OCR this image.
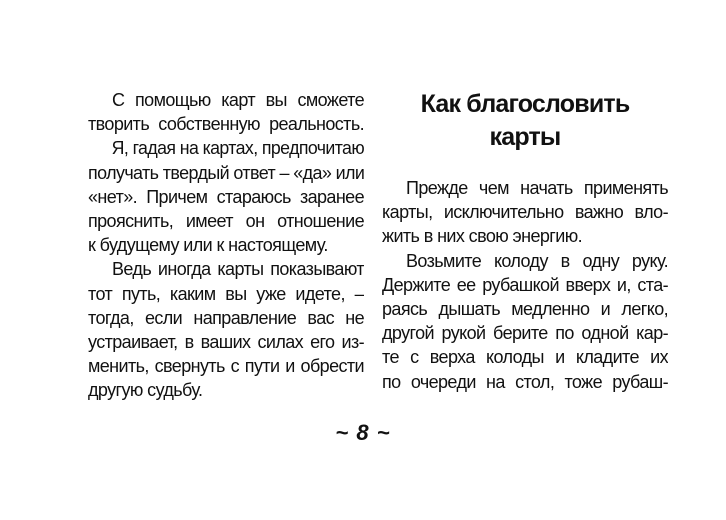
С помощью карт вы сможете
творить собственную реальность.
Я, гадая на картах, предпочитаю
получать твердый ответ – «да» или
«нет». Причем стараюсь заранее
прояснить, имеет он отношение
к будущему или к настоящему.
Ведь иногда карты показывают
тот путь, каким вы уже идете, –
тогда, если направление вас не
устраивает, в ваших силах его из-
менить, свернуть с пути и обрести
другую судьбу.
Как благословить
карты
Прежде чем начать применять
карты, исключительно важно вло-
жить в них свою энергию.
Возьмите колоду в одну руку.
Держите ее рубашкой вверх и, ста-
раясь дышать медленно и легко,
другой рукой берите по одной кар-
те с верха колоды и кладите их
по очереди на стол, тоже рубаш-
~ 8 ~
